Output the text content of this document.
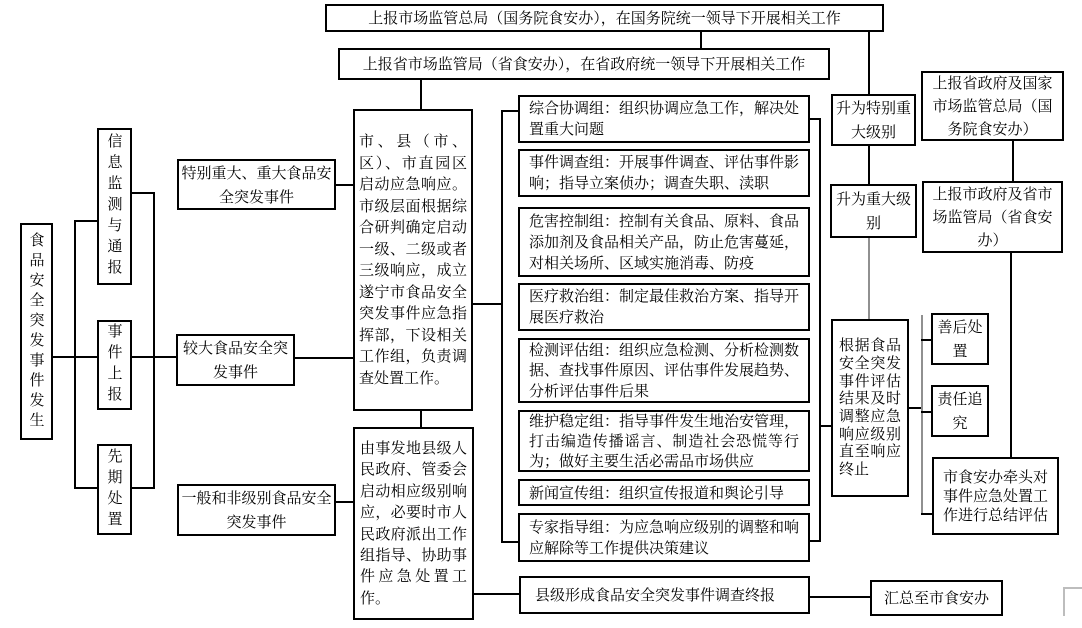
上报市场监管总局（国务院食安办），在国务院统一领导下开展相关工作
上报省市场监管局（省食安办），在省政府统一领导下开展相关工作
食品安全突发事件发生
信息监测与通报
事件上报
先期处置
特别重大、重大食品安全突发事件
较大食品安全突发事件
一般和非级别食品安全突发事件
市、县（市、区）、市直园区启动应急响应。市级层面根据综合研判确定启动一级、二级或者三级响应，成立遂宁市食品安全突发事件应急指挥部，下设相关工作组，负责调查处置工作。
由事发地县级人民政府、管委会启动相应级别响应，必要时市人民政府派出工作组指导、协助事件应急处置工作。
综合协调组：组织协调应急工作，解决处置重大问题
事件调查组：开展事件调查、评估事件影响；指导立案侦办；调查失职、渎职
危害控制组：控制有关食品、原料、食品添加剂及食品相关产品，防止危害蔓延，对相关场所、区域实施消毒、防疫
医疗救治组：制定最佳救治方案、指导开展医疗救治
检测评估组：组织应急检测、分析检测数据、查找事件原因、评估事件发展趋势、分析评估事件后果
维护稳定组：指导事件发生地治安管理，打击编造传播谣言、制造社会恐慌等行为；做好主要生活必需品市场供应
新闻宣传组：组织宣传报道和舆论引导
专家指导组：为应急响应级别的调整和响应解除等工作提供决策建议
县级形成食品安全突发事件调查终报
升为特别重大级别
升为重大级别
上报省政府及国家市场监管总局（国务院食安办）
上报市政府及省市场监管局（省食安办）
根据食品安全突发事件评估结果及时调整应急响应级别直至响应终止
善后处置
责任追究
市食安办牵头对事件应急处置工作进行总结评估
汇总至市食安办
